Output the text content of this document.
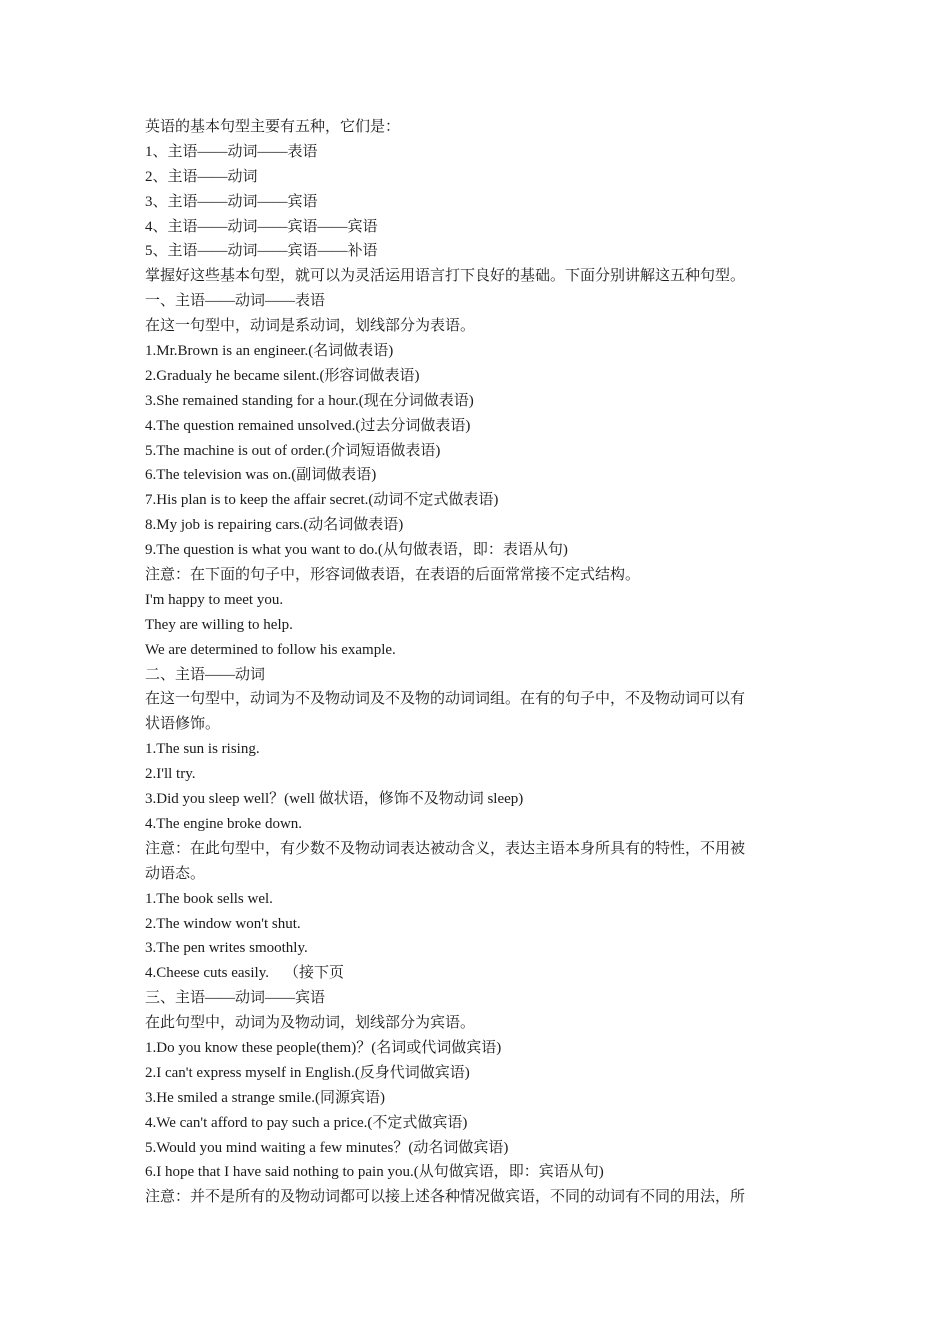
英语的基本句型主要有五种，它们是：

1、主语——动词——表语

2、主语——动词

3、主语——动词——宾语

4、主语——动词——宾语——宾语

5、主语——动词——宾语——补语

掌握好这些基本句型，就可以为灵活运用语言打下良好的基础。下面分别讲解这五种句型。

一、主语——动词——表语

在这一句型中，动词是系动词，划线部分为表语。

1.Mr.Brown is an engineer.(名词做表语)

2.Gradualy he became silent.(形容词做表语)

3.She remained standing for a hour.(现在分词做表语)

4.The question remained unsolved.(过去分词做表语)

5.The machine is out of order.(介词短语做表语)

6.The television was on.(副词做表语)

7.His plan is to keep the affair secret.(动词不定式做表语)

8.My job is repairing cars.(动名词做表语)

9.The question is what you want to do.(从句做表语，即：表语从句)

注意：在下面的句子中，形容词做表语，在表语的后面常常接不定式结构。

I'm happy to meet you.

They are willing to help.

We are determined to follow his example.

二、主语——动词

在这一句型中，动词为不及物动词及不及物的动词词组。在有的句子中，不及物动词可以有

状语修饰。

1.The sun is rising.

2.I'll try.

3.Did you sleep well？(well 做状语，修饰不及物动词 sleep)

4.The engine broke down.

注意：在此句型中，有少数不及物动词表达被动含义，表达主语本身所具有的特性，不用被

动语态。

1.The book sells wel.

2.The window won't shut.

3.The pen writes smoothly.

4.Cheese cuts easily.    （接下页

三、主语——动词——宾语

在此句型中，动词为及物动词，划线部分为宾语。

1.Do you know these people(them)？(名词或代词做宾语)

2.I can't express myself in English.(反身代词做宾语)

3.He smiled a strange smile.(同源宾语)

4.We can't afford to pay such a price.(不定式做宾语)

5.Would you mind waiting a few minutes？(动名词做宾语)

6.I hope that I have said nothing to pain you.(从句做宾语，即：宾语从句)

注意：并不是所有的及物动词都可以接上述各种情况做宾语，不同的动词有不同的用法，所
